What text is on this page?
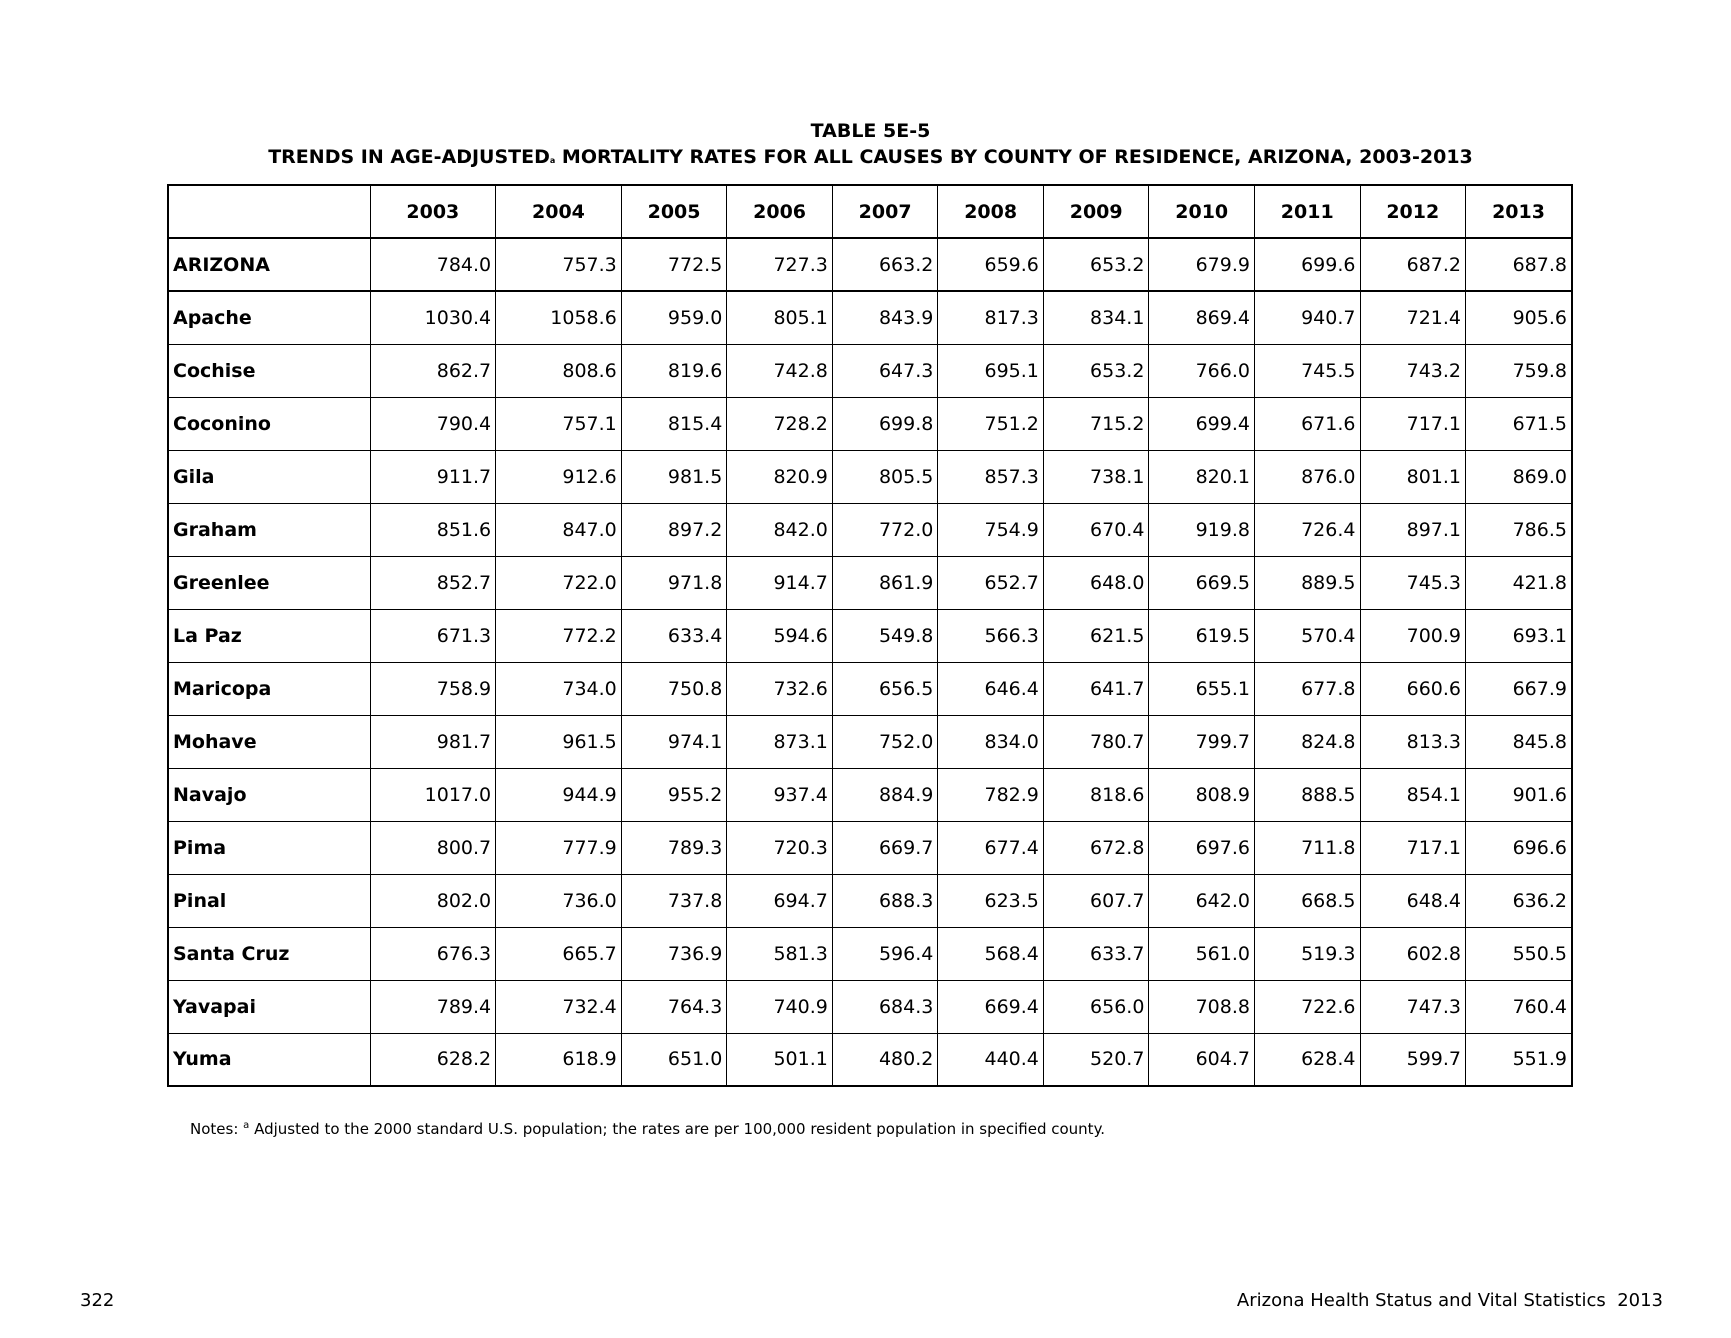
TABLE 5E-5
TRENDS IN AGE-ADJUSTED$^a$ MORTALITY RATES FOR ALL CAUSES BY COUNTY OF RESIDENCE, ARIZONA, 2003-2013
	2003	2004	2005	2006	2007	2008	2009	2010	2011	2012	2013
ARIZONA	784.0	757.3	772.5	727.3	663.2	659.6	653.2	679.9	699.6	687.2	687.8
Apache	1030.4	1058.6	959.0	805.1	843.9	817.3	834.1	869.4	940.7	721.4	905.6
Cochise	862.7	808.6	819.6	742.8	647.3	695.1	653.2	766.0	745.5	743.2	759.8
Coconino	790.4	757.1	815.4	728.2	699.8	751.2	715.2	699.4	671.6	717.1	671.5
Gila	911.7	912.6	981.5	820.9	805.5	857.3	738.1	820.1	876.0	801.1	869.0
Graham	851.6	847.0	897.2	842.0	772.0	754.9	670.4	919.8	726.4	897.1	786.5
Greenlee	852.7	722.0	971.8	914.7	861.9	652.7	648.0	669.5	889.5	745.3	421.8
La Paz	671.3	772.2	633.4	594.6	549.8	566.3	621.5	619.5	570.4	700.9	693.1
Maricopa	758.9	734.0	750.8	732.6	656.5	646.4	641.7	655.1	677.8	660.6	667.9
Mohave	981.7	961.5	974.1	873.1	752.0	834.0	780.7	799.7	824.8	813.3	845.8
Navajo	1017.0	944.9	955.2	937.4	884.9	782.9	818.6	808.9	888.5	854.1	901.6
Pima	800.7	777.9	789.3	720.3	669.7	677.4	672.8	697.6	711.8	717.1	696.6
Pinal	802.0	736.0	737.8	694.7	688.3	623.5	607.7	642.0	668.5	648.4	636.2
Santa Cruz	676.3	665.7	736.9	581.3	596.4	568.4	633.7	561.0	519.3	602.8	550.5
Yavapai	789.4	732.4	764.3	740.9	684.3	669.4	656.0	708.8	722.6	747.3	760.4
Yuma	628.2	618.9	651.0	501.1	480.2	440.4	520.7	604.7	628.4	599.7	551.9
Notes: $^a$ Adjusted to the 2000 standard U.S. population; the rates are per 100,000 resident population in specified county.
322	Arizona Health Status and Vital Statistics  2013
